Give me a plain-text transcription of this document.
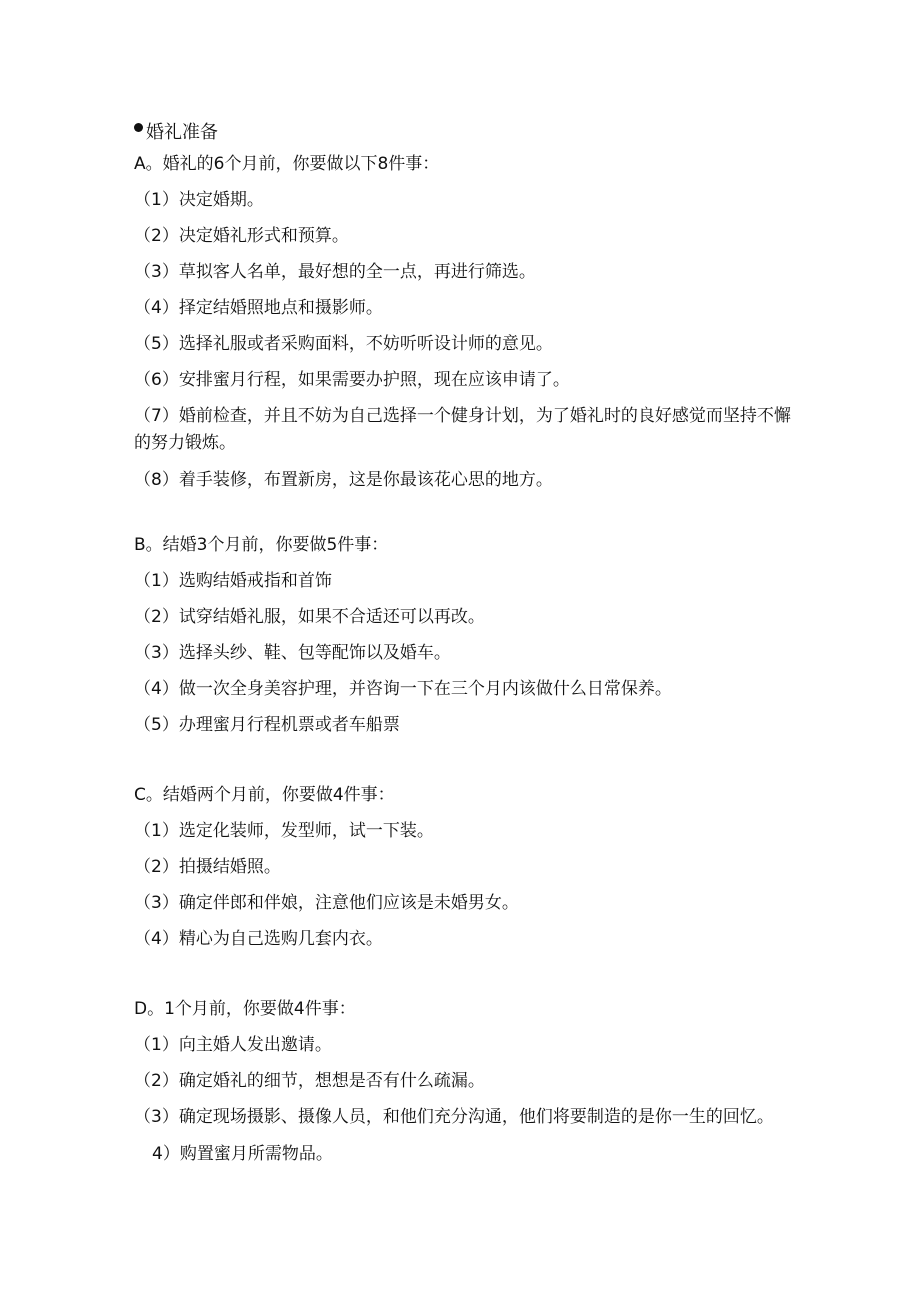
婚礼准备
A。婚礼的6个月前，你要做以下8件事：
（1）决定婚期。
（2）决定婚礼形式和预算。
（3）草拟客人名单，最好想的全一点，再进行筛选。
（4）择定结婚照地点和摄影师。
（5）选择礼服或者采购面料，不妨听听设计师的意见。
（6）安排蜜月行程，如果需要办护照，现在应该申请了。
（7）婚前检查，并且不妨为自己选择一个健身计划，为了婚礼时的良好感觉而坚持不懈的努力锻炼。
（8）着手装修，布置新房，这是你最该花心思的地方。
B。结婚3个月前，你要做5件事：
（1）选购结婚戒指和首饰
（2）试穿结婚礼服，如果不合适还可以再改。
（3）选择头纱、鞋、包等配饰以及婚车。
（4）做一次全身美容护理，并咨询一下在三个月内该做什么日常保养。
（5）办理蜜月行程机票或者车船票
C。结婚两个月前，你要做4件事：
（1）选定化装师，发型师，试一下装。
（2）拍摄结婚照。
（3）确定伴郎和伴娘，注意他们应该是未婚男女。
（4）精心为自己选购几套内衣。
D。1个月前，你要做4件事：
（1）向主婚人发出邀请。
（2）确定婚礼的细节，想想是否有什么疏漏。
（3）确定现场摄影、摄像人员，和他们充分沟通，他们将要制造的是你一生的回忆。
4）购置蜜月所需物品。
